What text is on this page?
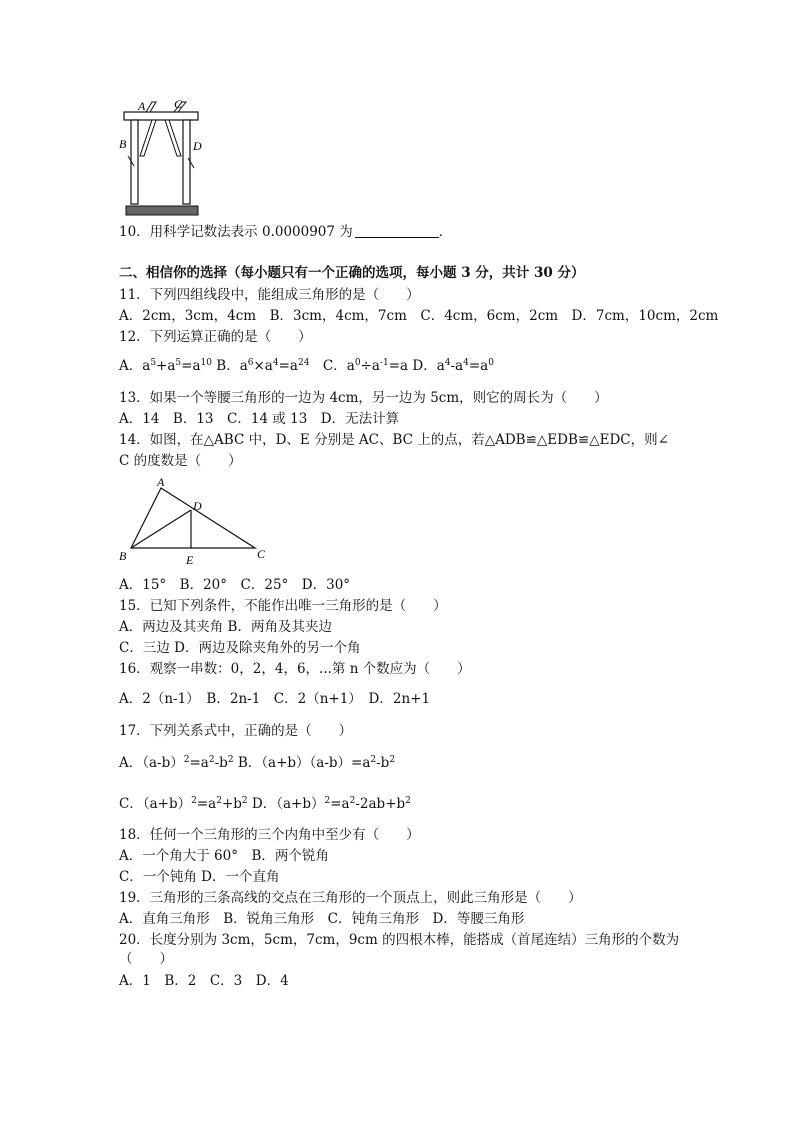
A C
B	D
10．用科学记数法表示 0.0000907 为	．
二、相信你的选择（每小题只有一个正确的选项，每小题 3 分，共计 30 分）
11．下列四组线段中，能组成三角形的是（　　）
A．2cm，3cm，4cm　B．3cm，4cm，7cm　C．4cm，6cm，2cm　D．7cm，10cm，2cm
12．下列运算正确的是（　　）
A．$a^5+a^5=a^{10}$ B．$a^6\times a^4=a^{24}$　C．$a^0\div a^{-1}=a$ D．$a^4-a^4=a^0$
13．如果一个等腰三角形的一边为 4cm，另一边为 5cm，则它的周长为（　　）
A．14　B．13　C．14 或 13　D．无法计算
14．如图，在△ABC 中，D、E 分别是 AC、BC 上的点，若△ADB≌△EDB≌△EDC，则∠
C 的度数是（　　）
A
D
B	E	C
A．15°　B．20°　C．25°　D．30°
15．已知下列条件，不能作出唯一三角形的是（　　）
A．两边及其夹角 B．两角及其夹边
C．三边 D．两边及除夹角外的另一个角
16．观察一串数：0，2，4，6，...第 n 个数应为（　　）
A．2（n-1）　B．2n-1　C．2（n+1）　D．2n+1
17．下列关系式中，正确的是（　　）
A．$(a-b)^2=a^2-b^2$ B．$(a+b)(a-b)=a^2-b^2$
C．$(a+b)^2=a^2+b^2$ D．$(a+b)^2=a^2-2ab+b^2$
18．任何一个三角形的三个内角中至少有（　　）
A．一个角大于 60°　B．两个锐角
C．一个钝角 D．一个直角
19．三角形的三条高线的交点在三角形的一个顶点上，则此三角形是（　　）
A．直角三角形　B．锐角三角形　C．钝角三角形　D．等腰三角形
20．长度分别为 3cm，5cm，7cm，9cm 的四根木棒，能搭成（首尾连结）三角形的个数为
（　　）
A．1　B．2　C．3　D．4
